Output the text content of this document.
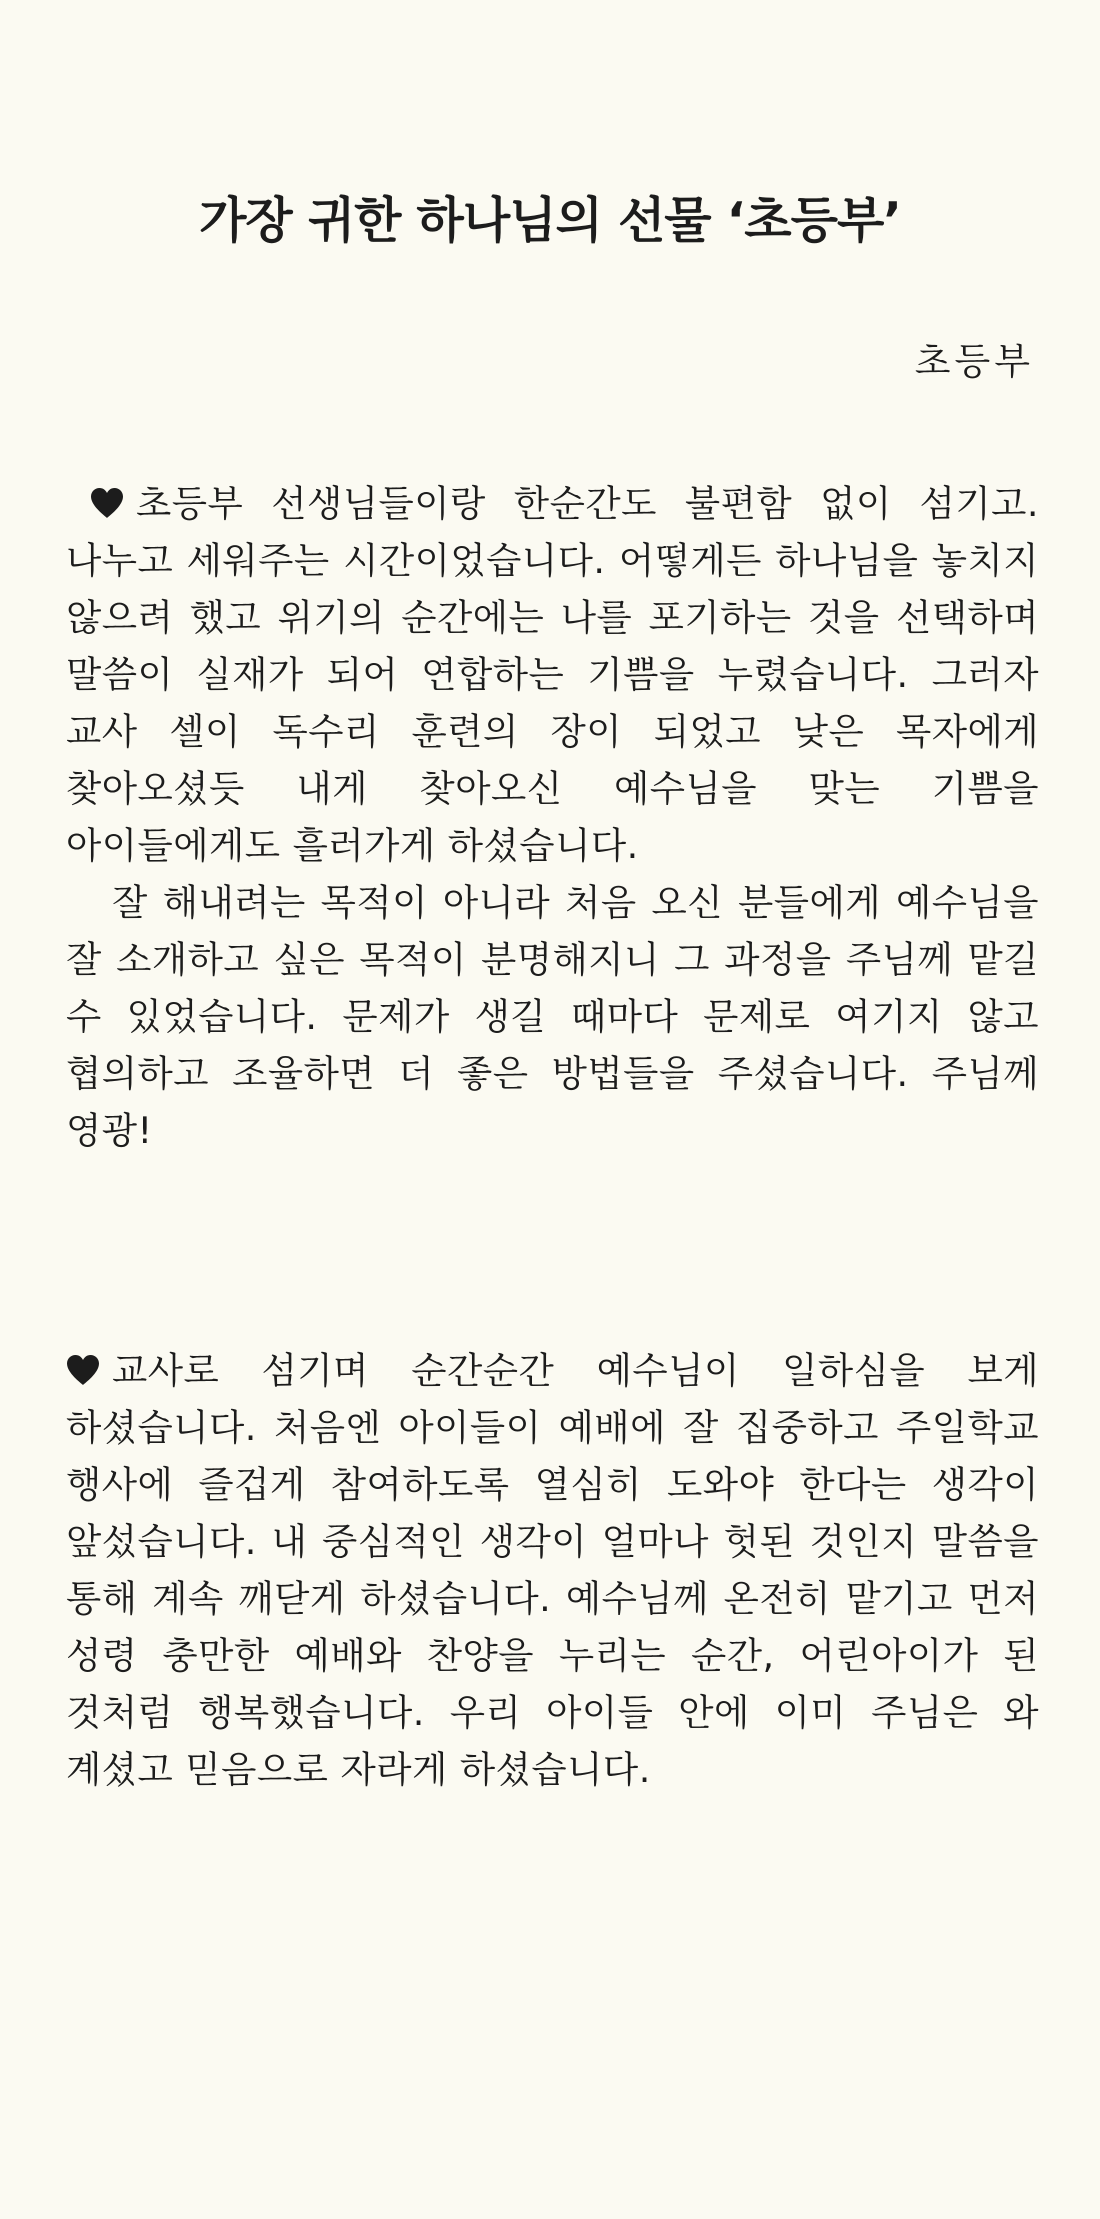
가장 귀한 하나님의 선물 ‘초등부’

초등부

초등부 선생님들이랑 한순간도 불편함 없이 섬기고. 나누고 세워주는 시간이었습니다. 어떻게든 하나님을 놓치지 않으려 했고 위기의 순간에는 나를 포기하는 것을 선택하며 말씀이 실재가 되어 연합하는 기쁨을 누렸습니다. 그러자 교사 셀이 독수리 훈련의 장이 되었고 낮은 목자에게 찾아오셨듯 내게 찾아오신 예수님을 맞는 기쁨을 아이들에게도 흘러가게 하셨습니다.

잘 해내려는 목적이 아니라 처음 오신 분들에게 예수님을 잘 소개하고 싶은 목적이 분명해지니 그 과정을 주님께 맡길 수 있었습니다. 문제가 생길 때마다 문제로 여기지 않고 협의하고 조율하면 더 좋은 방법들을 주셨습니다. 주님께 영광!

교사로 섬기며 순간순간 예수님이 일하심을 보게 하셨습니다. 처음엔 아이들이 예배에 잘 집중하고 주일학교 행사에 즐겁게 참여하도록 열심히 도와야 한다는 생각이 앞섰습니다. 내 중심적인 생각이 얼마나 헛된 것인지 말씀을 통해 계속 깨닫게 하셨습니다. 예수님께 온전히 맡기고 먼저 성령 충만한 예배와 찬양을 누리는 순간, 어린아이가 된 것처럼 행복했습니다. 우리 아이들 안에 이미 주님은 와 계셨고 믿음으로 자라게 하셨습니다.
